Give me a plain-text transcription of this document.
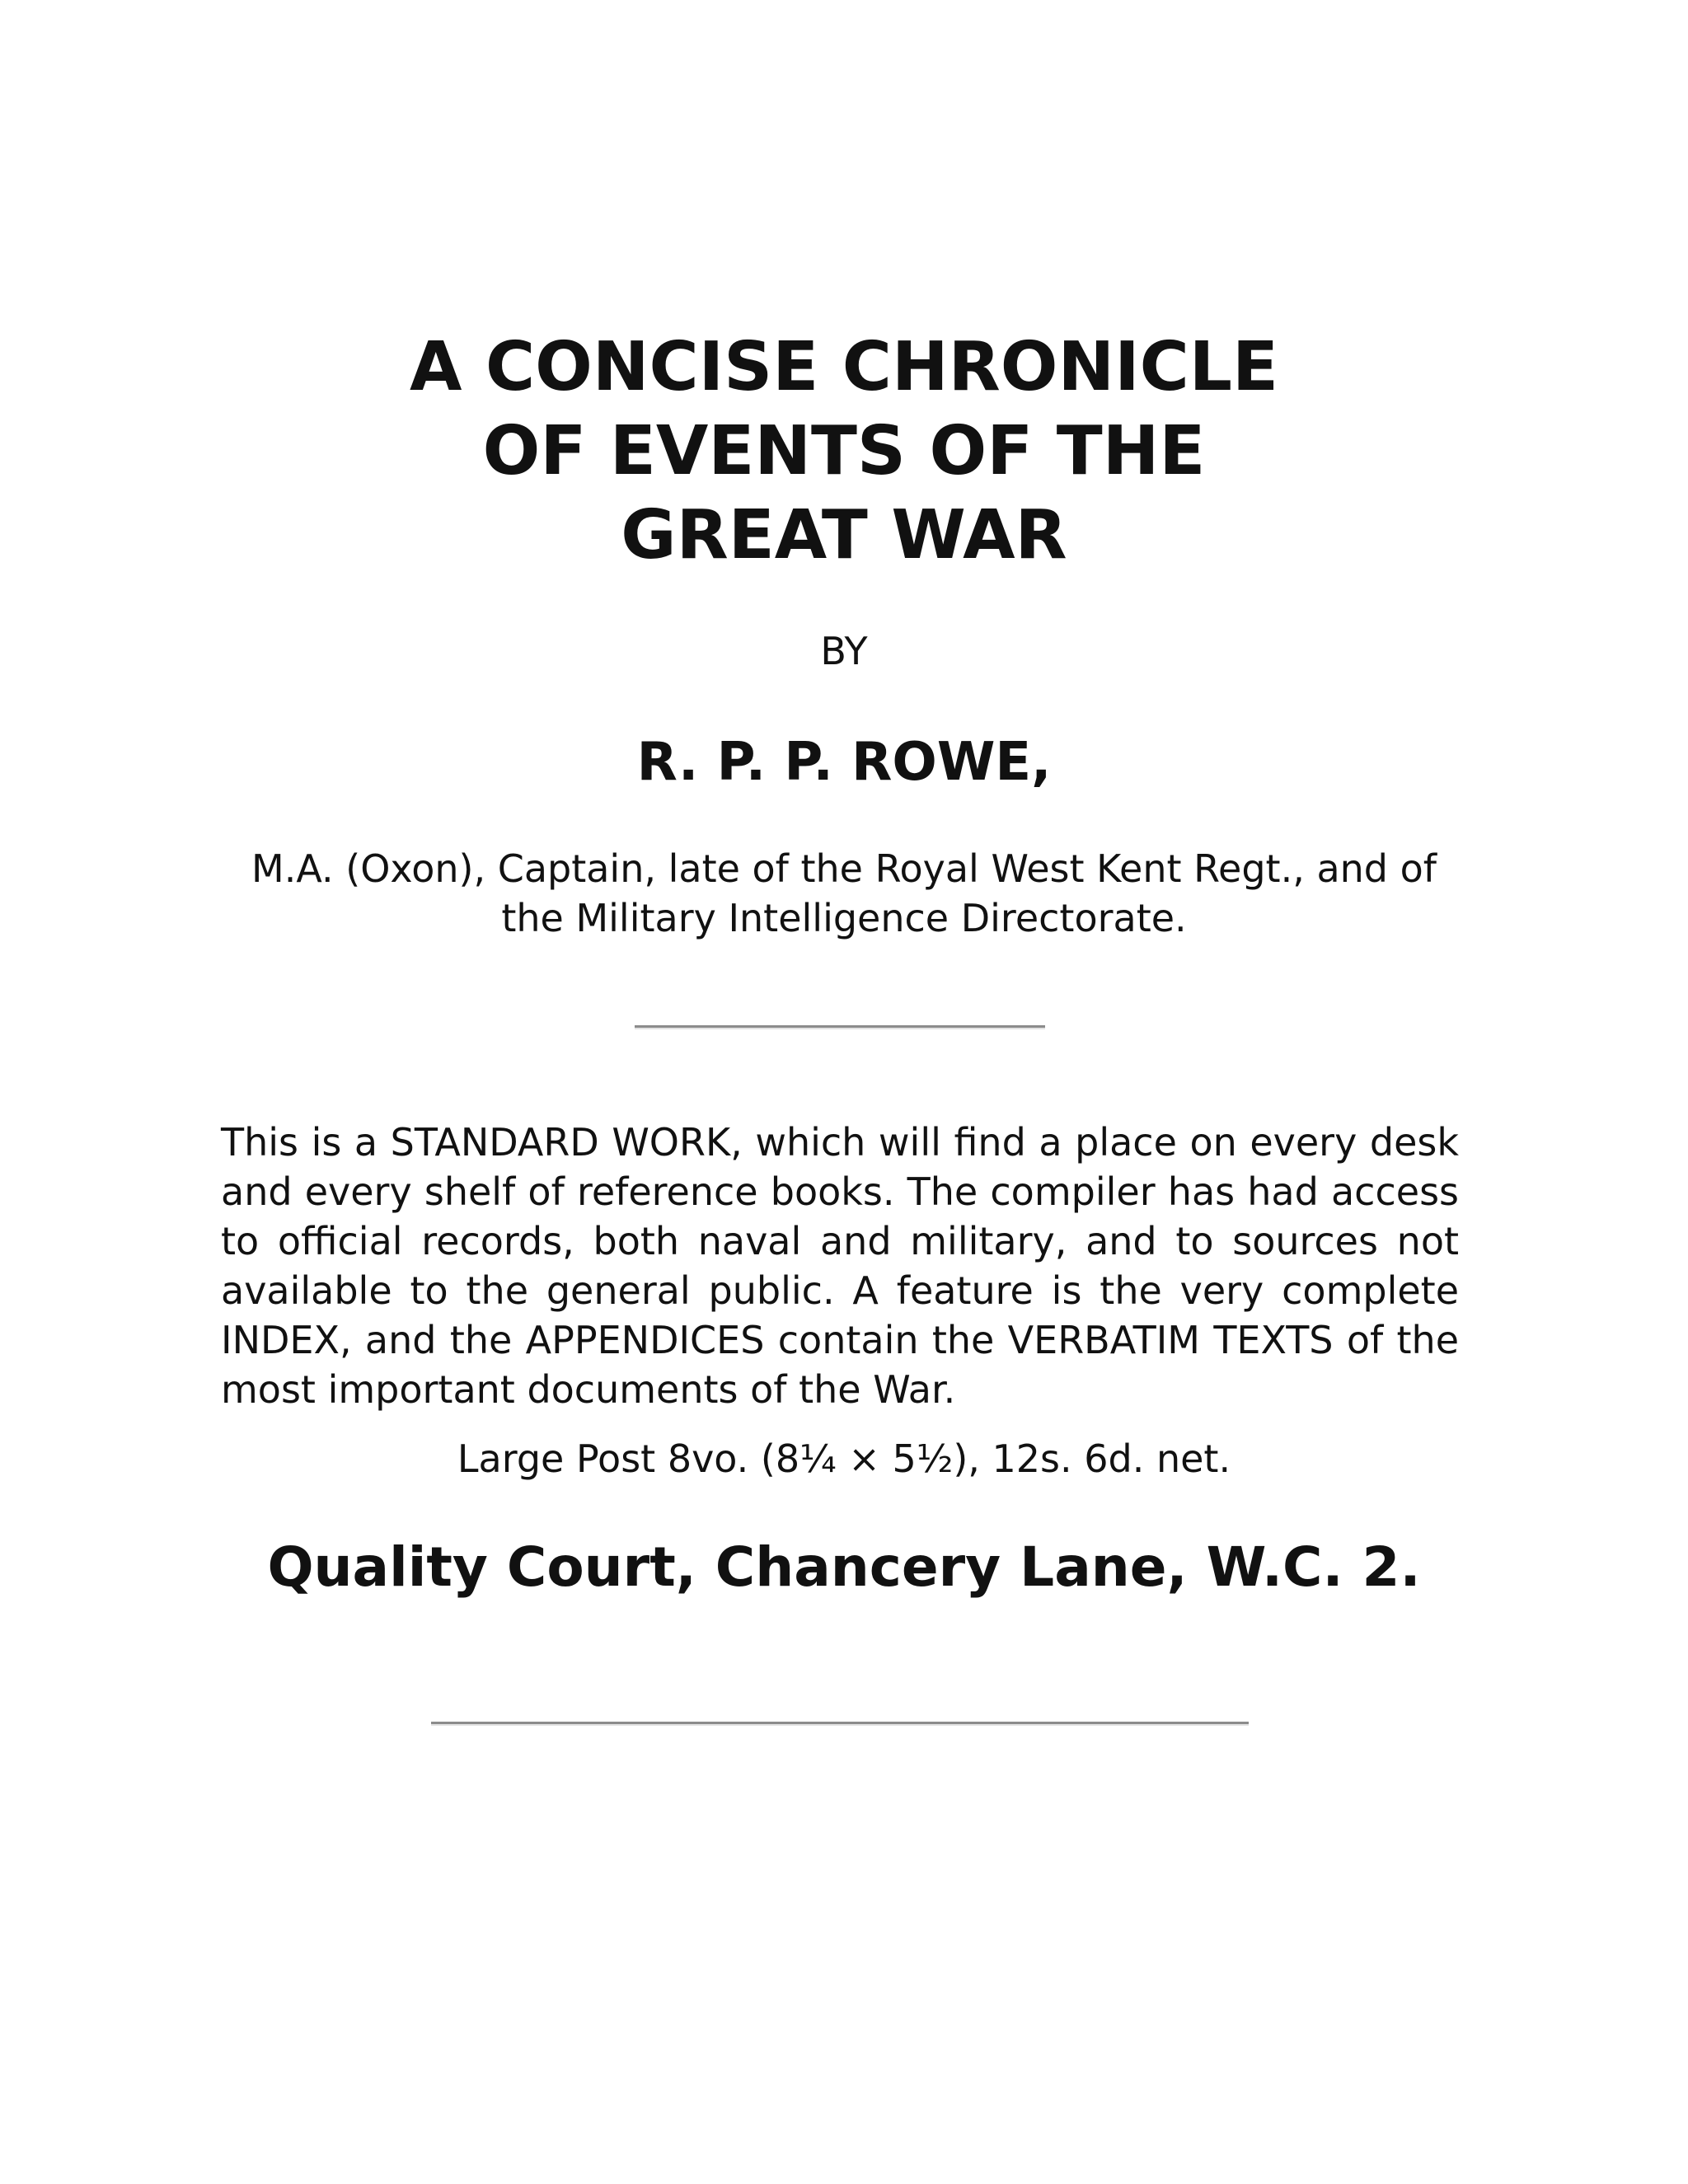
A CONCISE CHRONICLE
OF EVENTS OF THE
GREAT WAR
BY
R. P. P. ROWE,
M.A. (Oxon), Captain, late of the Royal West Kent Regt., and of the Military Intelligence Directorate.

This is a STANDARD WORK, which will find a place on every desk and every shelf of reference books. The compiler has had access to official records, both naval and military, and to sources not available to the general public. A feature is the very complete INDEX, and the APPENDICES contain the VERBATIM TEXTS of the most important documents of the War.

Large Post 8vo. (8¼ × 5½), 12s. 6d. net.
Quality Court, Chancery Lane, W.C. 2.
